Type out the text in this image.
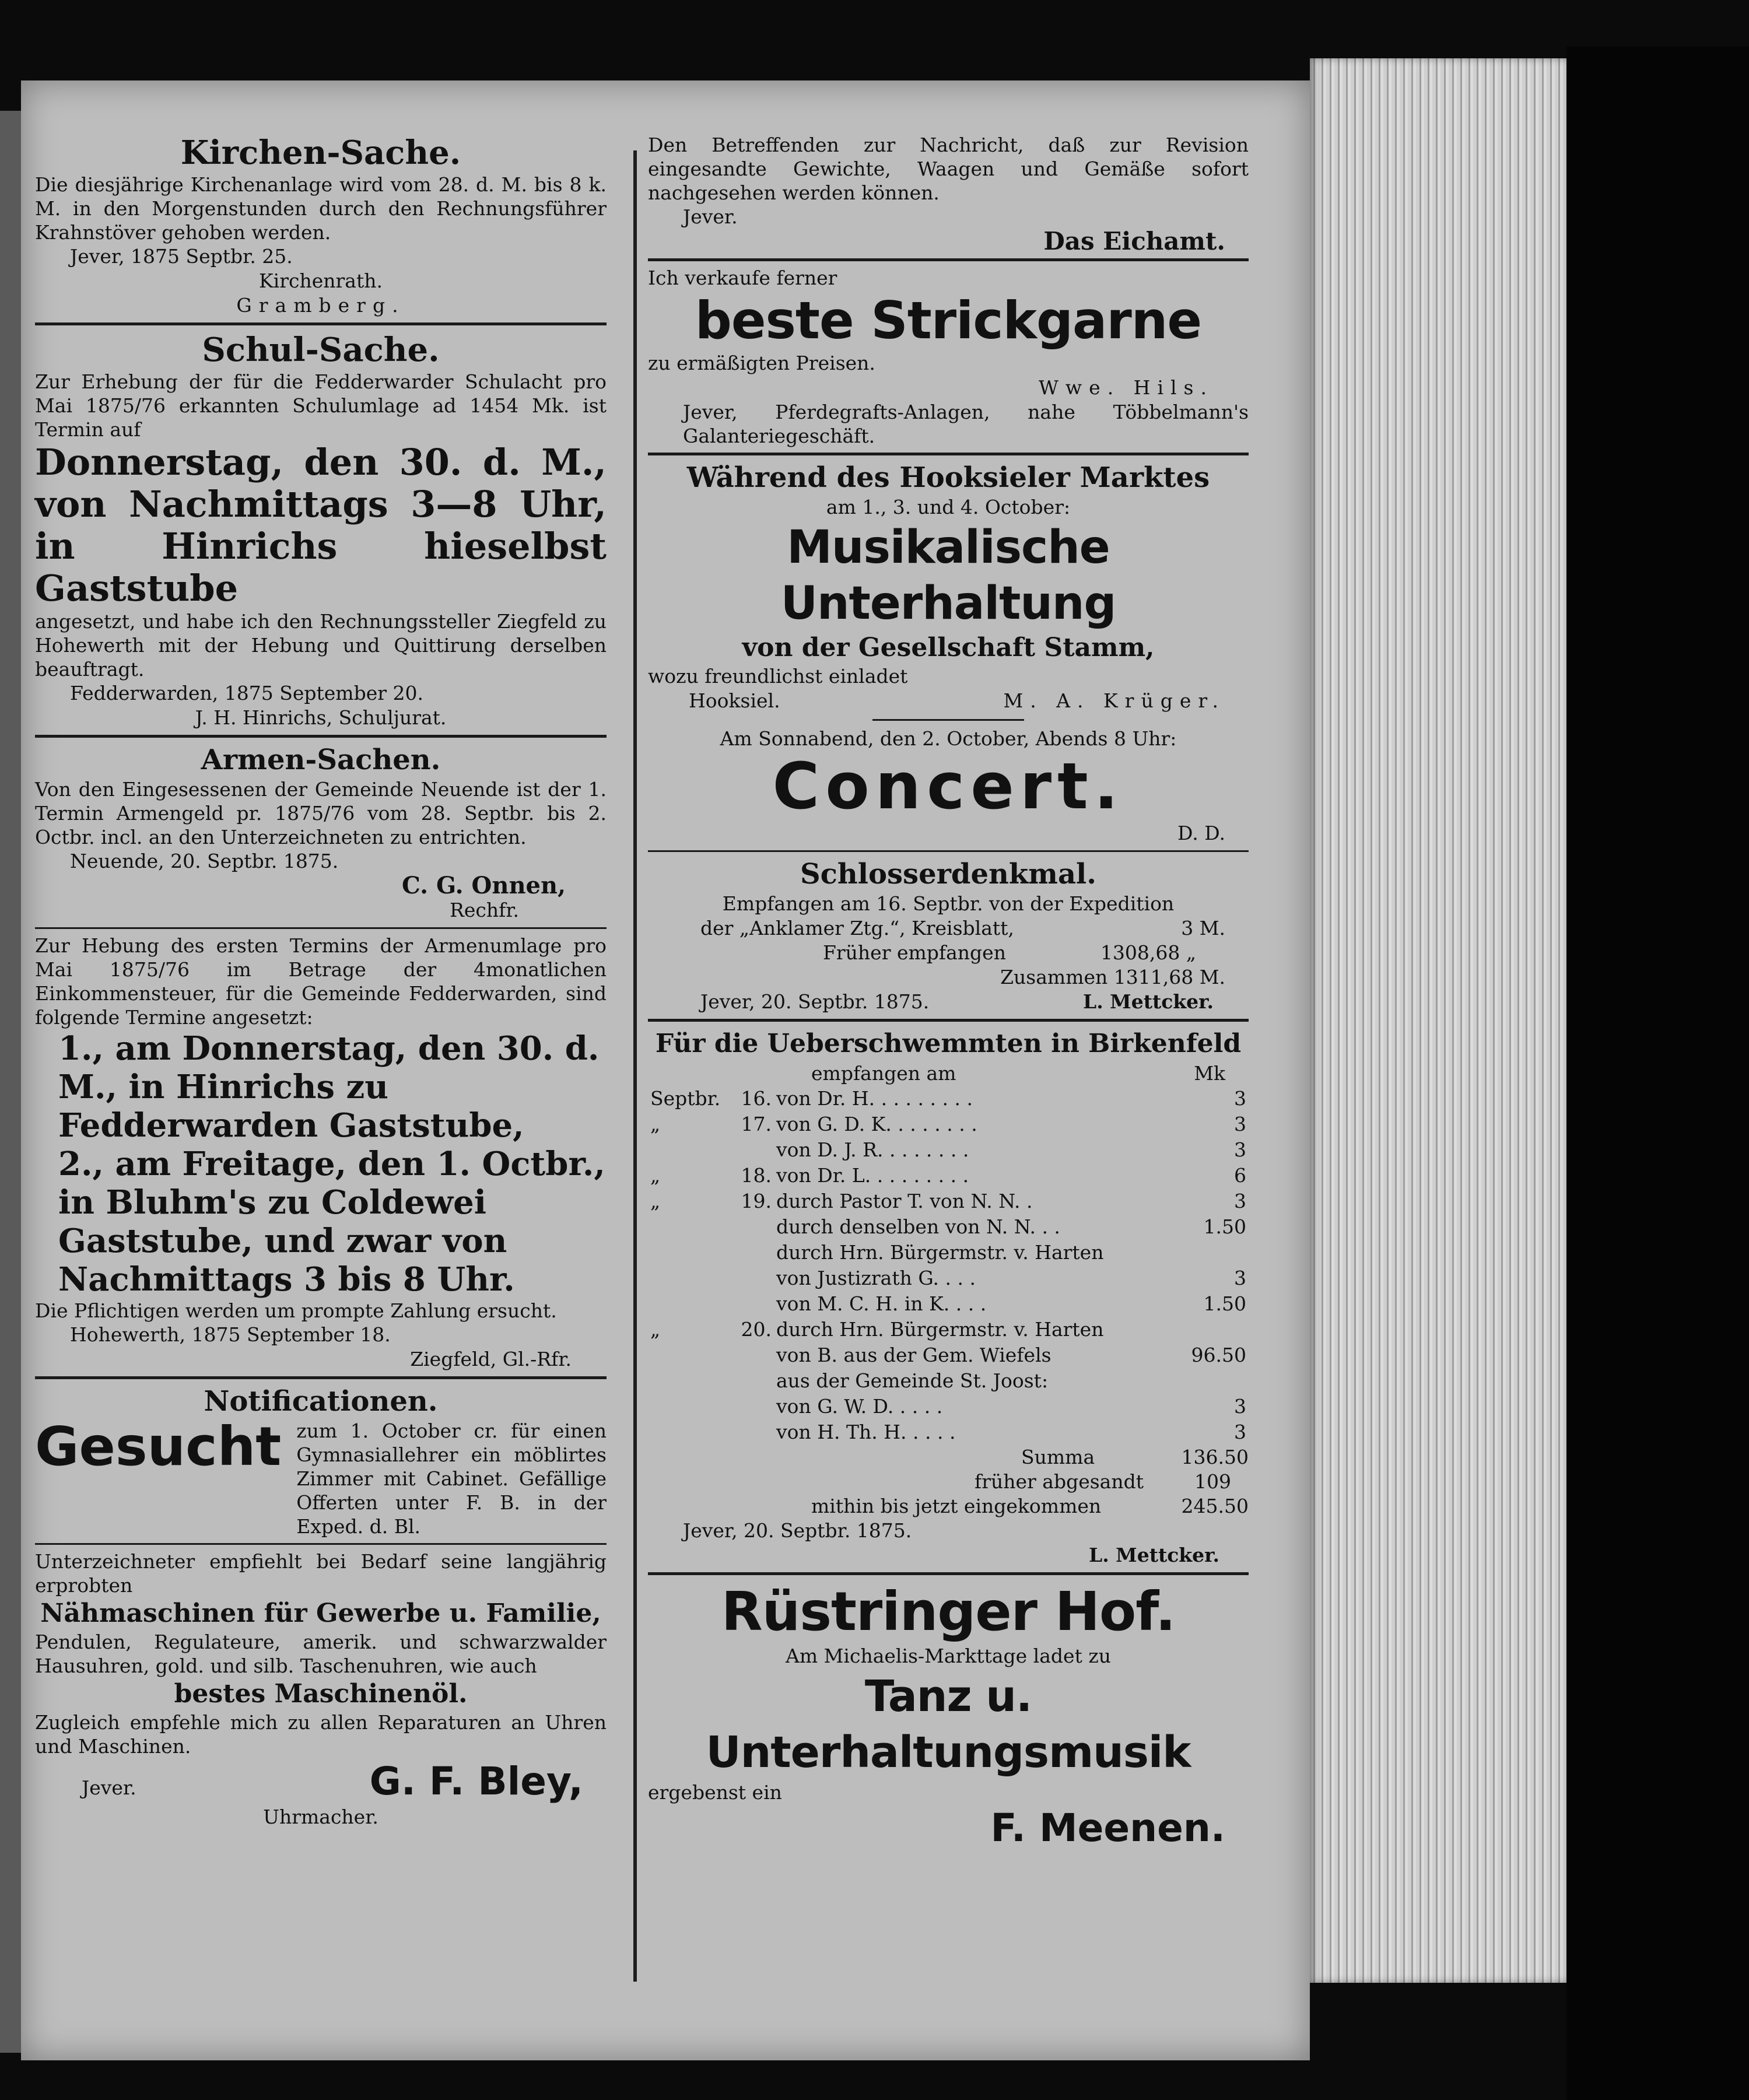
Kirchen-Sache.
Die diesjährige Kirchenanlage wird vom 28. d. M. bis 8 k. M. in den Morgenstunden durch den Rechnungsführer Krahnstöver gehoben werden.
Jever, 1875 Septbr. 25.
Kirchenrath.
Gramberg.
Schul-Sache.
Zur Erhebung der für die Fedderwarder Schulacht pro Mai 1875/76 erkannten Schulumlage ad 1454 Mk. ist Termin auf
Donnerstag, den 30. d. M., von Nachmittags 3—8 Uhr, in Hinrichs hieselbst Gaststube
angesetzt, und habe ich den Rechnungssteller Ziegfeld zu Hohewerth mit der Hebung und Quittirung derselben beauftragt.
Fedderwarden, 1875 September 20.
J. H. Hinrichs, Schuljurat.
Armen-Sachen.
Von den Eingesessenen der Gemeinde Neuende ist der 1. Termin Armengeld pr. 1875/76 vom 28. Septbr. bis 2. Octbr. incl. an den Unterzeichneten zu entrichten.
Neuende, 20. Septbr. 1875.
C. G. Onnen,
Rechfr.
Zur Hebung des ersten Termins der Armenumlage pro Mai 1875/76 im Betrage der 4monatlichen Einkommensteuer, für die Gemeinde Fedderwarden, sind folgende Termine angesetzt:
1., am Donnerstag, den 30. d. M., in Hinrichs zu Fedderwarden Gaststube,
2., am Freitage, den 1. Octbr., in Bluhm's zu Coldewei Gaststube, und zwar von Nachmittags 3 bis 8 Uhr.
Die Pflichtigen werden um prompte Zahlung ersucht.
Hohewerth, 1875 September 18.
Ziegfeld, Gl.-Rfr.
Notificationen.
Gesucht zum 1. October cr. für einen Gymnasiallehrer ein möblirtes Zimmer mit Cabinet. Gefällige Offerten unter F. B. in der Exped. d. Bl.
Unterzeichneter empfiehlt bei Bedarf seine langjährig erprobten
Nähmaschinen für Gewerbe u. Familie,
Pendulen, Regulateure, amerik. und schwarzwalder Hausuhren, gold. und silb. Taschenuhren, wie auch
bestes Maschinenöl.
Zugleich empfehle mich zu allen Reparaturen an Uhren und Maschinen.
Jever.	G. F. Bley,
Uhrmacher.
Den Betreffenden zur Nachricht, daß zur Revision eingesandte Gewichte, Waagen und Gemäße sofort nachgesehen werden können.
Jever.
Das Eichamt.
Ich verkaufe ferner
beste Strickgarne
zu ermäßigten Preisen.
Wwe. Hils.
Jever, Pferdegrafts-Anlagen, nahe Többelmann's Galanteriegeschäft.
Während des Hooksieler Marktes
am 1., 3. und 4. October:
Musikalische Unterhaltung
von der Gesellschaft Stamm,
wozu freundlichst einladet
Hooksiel.	M. A. Krüger.
Am Sonnabend, den 2. October, Abends 8 Uhr:
Concert.
D. D.
Schlosserdenkmal.
Empfangen am 16. Septbr. von der Expedition
der „Anklamer Ztg.“, Kreisblatt,	3 M.
Früher empfangen	1308,68 „
Zusammen 1311,68 M.
Jever, 20. Septbr. 1875.	L. Mettcker.
Für die Ueberschwemmten in Birkenfeld
empfangen am	Mk
Septbr.	16.	von Dr. H. . . . . . . . .	3
„	17.	von G. D. K. . . . . . . .	3
		von D. J. R. . . . . . . .	3
„	18.	von Dr. L. . . . . . . . .	6
„	19.	durch Pastor T. von N. N. .	3
		durch denselben von N. N. . .	1.50
		durch Hrn. Bürgermstr. v. Harten	
		von Justizrath G. . . .	3
		von M. C. H. in K. . . .	1.50
„	20.	durch Hrn. Bürgermstr. v. Harten	
		von B. aus der Gem. Wiefels	96.50
		aus der Gemeinde St. Joost:	
		von G. W. D. . . . .	3
		von H. Th. H. . . . .	3
Summa	136.50
früher abgesandt	109
mithin bis jetzt eingekommen	245.50
Jever, 20. Septbr. 1875.
L. Mettcker.
Rüstringer Hof.
Am Michaelis-Markttage ladet zu
Tanz u. Unterhaltungsmusik
ergebenst ein
F. Meenen.
